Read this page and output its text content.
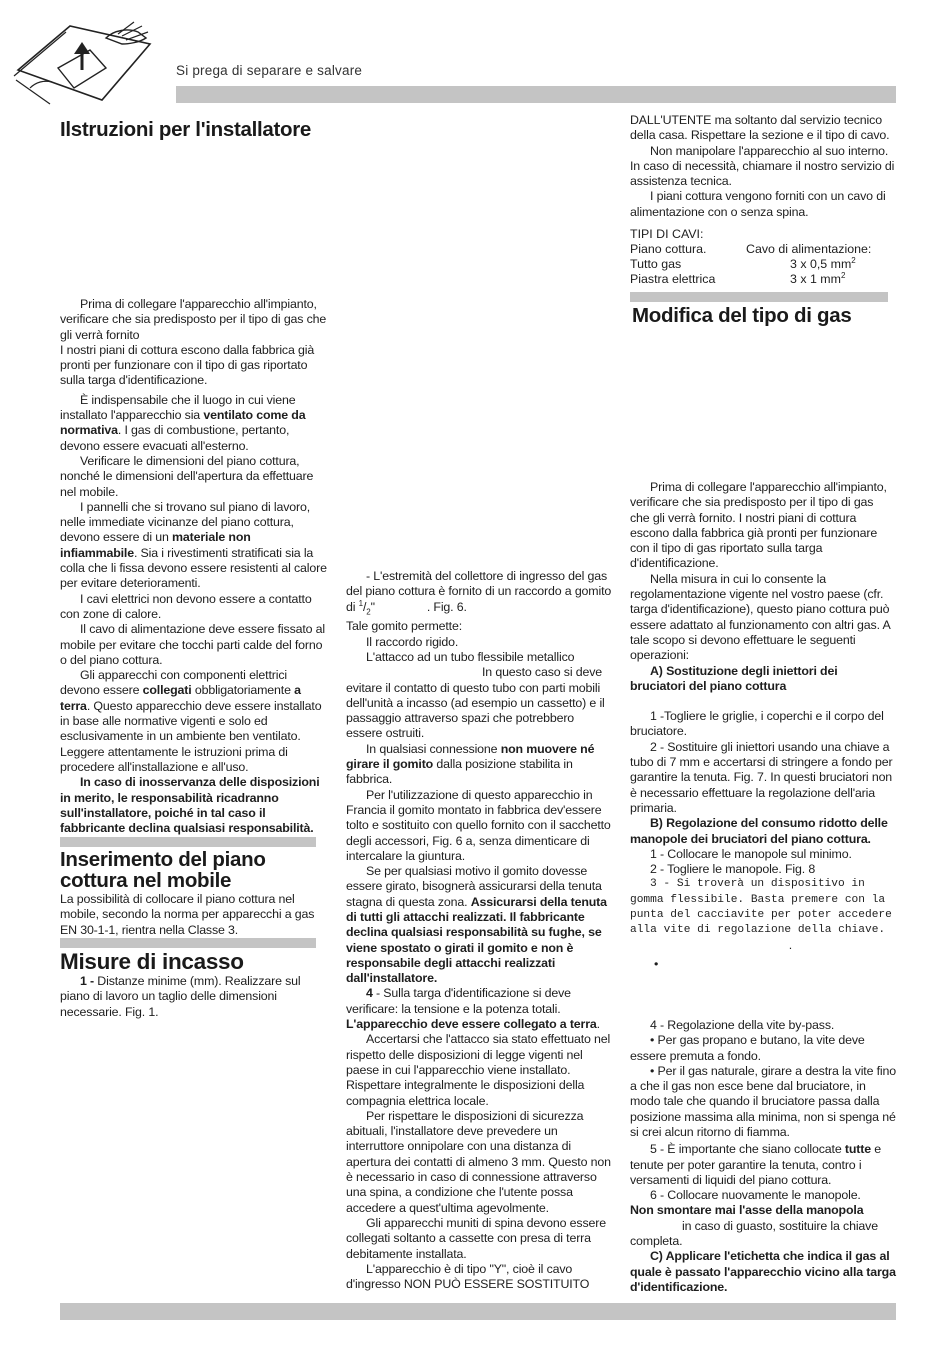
Si prega di separare e salvare
Ilstruzioni per l'installatore

Prima di collegare l'apparecchio all'impianto, verificare che sia predisposto per il tipo di gas che gli verrà fornito

I nostri piani di cottura escono dalla fabbrica già pronti per funzionare con il tipo di gas riportato sulla targa d'identificazione.

È indispensabile che il luogo in cui viene installato l'apparecchio sia ventilato come da normativa. I gas di combustione, pertanto, devono essere evacuati all'esterno.

Verificare le dimensioni del piano cottura, nonché le dimensioni dell'apertura da effettuare nel mobile.

I pannelli che si trovano sul piano di lavoro, nelle immediate vicinanze del piano cottura, devono essere di un materiale non infiammabile. Sia i rivestimenti stratificati sia la colla che li fissa devono essere resistenti al calore per evitare deterioramenti.

I cavi elettrici non devono essere a contatto con zone di calore.

Il cavo di alimentazione deve essere fissato al mobile per evitare che tocchi parti calde del forno o del piano cottura.

Gli apparecchi con componenti elettrici devono essere collegati obbligatoriamente a terra. Questo apparecchio deve essere installato in base alle normative vigenti e solo ed esclusivamente in un ambiente ben ventilato. Leggere attentamente le istruzioni prima di procedere all'installazione e all'uso.

In caso di inosservanza delle disposizioni in merito, le responsabilità ricadranno sull'installatore, poiché in tal caso il fabbricante declina qualsiasi responsabilità.

Inserimento del piano cottura nel mobile

La possibilità di collocare il piano cottura nel mobile, secondo la norma per apparecchi a gas EN 30-1-1, rientra nella Classe 3.

Misure di incasso

1 - Distanze minime (mm). Realizzare sul piano di lavoro un taglio delle dimensioni necessarie. Fig. 1.

- L'estremità del collettore di ingresso del gas del piano cottura è fornito di un raccordo a gomito di $^1/_2$"	. Fig. 6.

Tale gomito permette:

Il raccordo rigido.

L'attacco ad un tubo flessibile metallico

In questo caso si deve evitare il contatto di questo tubo con parti mobili dell'unità a incasso (ad esempio un cassetto) e il passaggio attraverso spazi che potrebbero essere ostruiti.

In qualsiasi connessione non muovere né girare il gomito dalla posizione stabilita in fabbrica.

Per l'utilizzazione di questo apparecchio in Francia il gomito montato in fabbrica dev'essere tolto e sostituito con quello fornito con il sacchetto degli accessori, Fig. 6 a, senza dimenticare di intercalare la giuntura.

Se per qualsiasi motivo il gomito dovesse essere girato, bisognerà assicurarsi della tenuta stagna di questa zona. Assicurarsi della tenuta di tutti gli attacchi realizzati. Il fabbricante declina qualsiasi responsabilità su fughe, se viene spostato o girati il gomito e non è responsabile degli attacchi realizzati dall'installatore.

4 - Sulla targa d'identificazione si deve verificare: la tensione e la potenza totali. L'apparecchio deve essere collegato a terra.

Accertarsi che l'attacco sia stato effettuato nel rispetto delle disposizioni di legge vigenti nel paese in cui l'apparecchio viene installato. Rispettare integralmente le disposizioni della compagnia elettrica locale.

Per rispettare le disposizioni di sicurezza abituali, l'installatore deve prevedere un interruttore onnipolare con una distanza di apertura dei contatti di almeno 3 mm. Questo non è necessario in caso di connessione attraverso una spina, a condizione che l'utente possa accedere a quest'ultima agevolmente.

Gli apparecchi muniti di spina devono essere collegati soltanto a cassette con presa di terra debitamente installata.

L'apparecchio è di tipo "Y", cioè il cavo d'ingresso NON PUÒ ESSERE SOSTITUITO

DALL'UTENTE ma soltanto dal servizio tecnico della casa. Rispettare la sezione e il tipo di cavo.

Non manipolare l'apparecchio al suo interno. In caso di necessità, chiamare il nostro servizio di assistenza tecnica.

I piani cottura vengono forniti con un cavo di alimentazione con o senza spina.

TIPI DI CAVI:
Piano cottura.	Cavo di alimentazione:
Tutto gas	3 x 0,5 $mm^2$
Piastra elettrica	3 x 1 $mm^2$
Modifica del tipo di gas

Prima di collegare l'apparecchio all'impianto, verificare che sia predisposto per il tipo di gas che gli verrà fornito. I nostri piani di cottura escono dalla fabbrica già pronti per funzionare con il tipo di gas riportato sulla targa d'identificazione.

Nella misura in cui lo consente la regolamentazione vigente nel vostro paese (cfr. targa d'identificazione), questo piano cottura può essere adattato al funzionamento con altri gas. A tale scopo si devono effettuare le seguenti operazioni:

A) Sostituzione degli iniettori dei bruciatori del piano cottura

1 -Togliere le griglie, i coperchi e il corpo del bruciatore.

2 - Sostituire gli iniettori usando una chiave a tubo di 7 mm e accertarsi di stringere a fondo per garantire la tenuta. Fig. 7. In questi bruciatori non è necessario effettuare la regolazione dell'aria primaria.

B) Regolazione del consumo ridotto delle manopole dei bruciatori del piano cottura.

1 - Collocare le manopole sul minimo.

2 - Togliere le manopole. Fig. 8

3 - Si troverà un dispositivo in gomma flessibile. Basta premere con la punta del cacciavite per poter accedere alla vite di regolazione della chiave.

.

•

4 - Regolazione della vite by-pass.

• Per gas propano e butano, la vite deve essere premuta a fondo.

• Per il gas naturale, girare a destra la vite fino a che il gas non esce bene dal bruciatore, in modo tale che quando il bruciatore passa dalla posizione massima alla minima, non si spenga né si crei alcun ritorno di fiamma.

5 - È importante che siano collocate tutte e tenute per poter garantire la tenuta, contro i versamenti di liquidi del piano cottura.

6 - Collocare nuovamente le manopole.

Non smontare mai l'asse della manopola

in caso di guasto, sostituire la chiave completa.

C) Applicare l'etichetta che indica il gas al quale è passato l'apparecchio vicino alla targa d'identificazione.
